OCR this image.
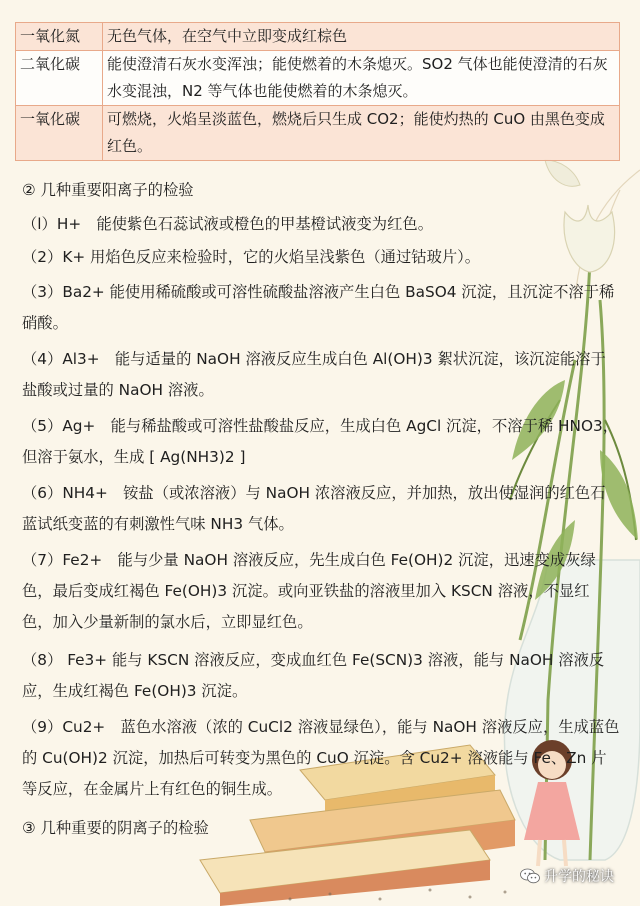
一氧化氮	无色气体，在空气中立即变成红棕色
二氧化碳	能使澄清石灰水变浑浊；能使燃着的木条熄灭。SO2 气体也能使澄清的石灰水变混浊，N2 等气体也能使燃着的木条熄灭。
一氧化碳	可燃烧，火焰呈淡蓝色，燃烧后只生成 CO2；能使灼热的 CuO 由黑色变成红色。

② 几种重要阳离子的检验

（l）H+　能使紫色石蕊试液或橙色的甲基橙试液变为红色。

（2）K+ 用焰色反应来检验时，它的火焰呈浅紫色（通过钴玻片）。

（3）Ba2+ 能使用稀硫酸或可溶性硫酸盐溶液产生白色 BaSO4 沉淀，且沉淀不溶于稀硝酸。

（4）Al3+　能与适量的 NaOH 溶液反应生成白色 Al(OH)3 絮状沉淀，该沉淀能溶于盐酸或过量的 NaOH 溶液。

（5）Ag+　能与稀盐酸或可溶性盐酸盐反应，生成白色 AgCl 沉淀，不溶于稀 HNO3，但溶于氨水，生成 [ Ag(NH3)2 ]

（6）NH4+　铵盐（或浓溶液）与 NaOH 浓溶液反应，并加热，放出使湿润的红色石蓝试纸变蓝的有刺激性气味 NH3 气体。

（7）Fe2+　能与少量 NaOH 溶液反应，先生成白色 Fe(OH)2 沉淀，迅速变成灰绿色，最后变成红褐色 Fe(OH)3 沉淀。或向亚铁盐的溶液里加入 KSCN 溶液，不显红色，加入少量新制的氯水后，立即显红色。

（8） Fe3+ 能与 KSCN 溶液反应，变成血红色 Fe(SCN)3 溶液，能与 NaOH 溶液反应，生成红褐色 Fe(OH)3 沉淀。

（9）Cu2+　蓝色水溶液（浓的 CuCl2 溶液显绿色），能与 NaOH 溶液反应，生成蓝色的 Cu(OH)2 沉淀，加热后可转变为黑色的 CuO 沉淀。含 Cu2+ 溶液能与 Fe、Zn 片等反应，在金属片上有红色的铜生成。

③ 几种重要的阴离子的检验

升学的秘诀
